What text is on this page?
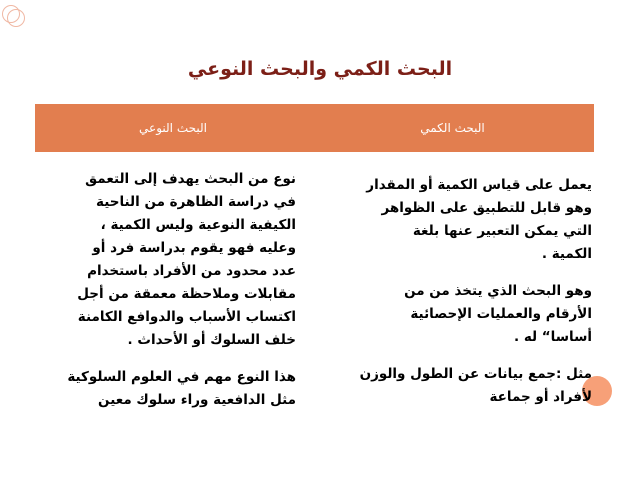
البحث الكمي والبحث النوعي
البحث الكمي
البحث النوعي
يعمل على قياس الكمية أو المقدار
وهو قابل للتطبيق على الظواهر
التي يمكن التعبير عنها بلغة
الكمية .
وهو البحث الذي يتخذ من من
الأرقام والعمليات الإحصائية
أساسا“ له .
مثل :جمع بيانات عن الطول والوزن
لأفراد أو جماعة
نوع من البحث يهدف إلى التعمق
في دراسة الظاهرة من الناحية
الكيفية النوعية وليس الكمية ،
وعليه فهو يقوم بدراسة فرد أو
عدد محدود من الأفراد باستخدام
مقابلات وملاحظة معمقة من أجل
اكتساب الأسباب والدوافع الكامنة
خلف السلوك أو الأحداث .
هذا النوع مهم في العلوم السلوكية
مثل الدافعية وراء سلوك معين
